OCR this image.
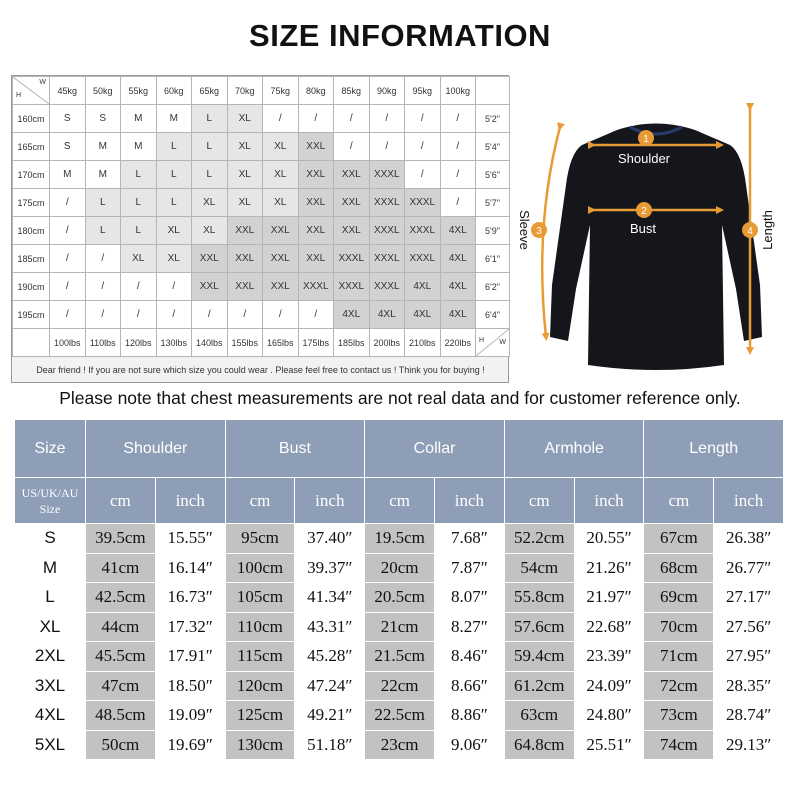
SIZE INFORMATION
H
W	45kg	50kg	55kg	60kg	65kg	70kg	75kg	80kg	85kg	90kg	95kg	100kg	
160cm	S	S	M	M	L	XL	/	/	/	/	/	/	5'2"
165cm	S	M	M	L	L	XL	XL	XXL	/	/	/	/	5'4"
170cm	M	M	L	L	L	XL	XL	XXL	XXL	XXXL	/	/	5'6"
175cm	/	L	L	L	XL	XL	XL	XXL	XXL	XXXL	XXXL	/	5'7"
180cm	/	L	L	XL	XL	XXL	XXL	XXL	XXL	XXXL	XXXL	4XL	5'9"
185cm	/	/	XL	XL	XXL	XXL	XXL	XXL	XXXL	XXXL	XXXL	4XL	6'1"
190cm	/	/	/	/	XXL	XXL	XXL	XXXL	XXXL	XXXL	4XL	4XL	6'2"
195cm	/	/	/	/	/	/	/	/	4XL	4XL	4XL	4XL	6'4"
	100lbs	110lbs	120lbs	130lbs	140lbs	155lbs	165lbs	175lbs	185lbs	200lbs	210lbs	220lbs	H W
Dear friend ! If you are not sure which size you could wear . Please feel free to contact us ! Think you for buying !
1
Shoulder
2
Bust
3
Sleeve	4 Length
Please note that chest measurements are not real data and for customer reference only.
Size	Shoulder		Bust		Collar		Armhole		Length	
US/UK/AU Size	cm	inch	cm	inch	cm	inch	cm	inch	cm	inch
S	39.5cm	15.55″	95cm	37.40″	19.5cm	7.68″	52.2cm	20.55″	67cm	26.38″
M	41cm	16.14″	100cm	39.37″	20cm	7.87″	54cm	21.26″	68cm	26.77″
L	42.5cm	16.73″	105cm	41.34″	20.5cm	8.07″	55.8cm	21.97″	69cm	27.17″
XL	44cm	17.32″	110cm	43.31″	21cm	8.27″	57.6cm	22.68″	70cm	27.56″
2XL	45.5cm	17.91″	115cm	45.28″	21.5cm	8.46″	59.4cm	23.39″	71cm	27.95″
3XL	47cm	18.50″	120cm	47.24″	22cm	8.66″	61.2cm	24.09″	72cm	28.35″
4XL	48.5cm	19.09″	125cm	49.21″	22.5cm	8.86″	63cm	24.80″	73cm	28.74″
5XL	50cm	19.69″	130cm	51.18″	23cm	9.06″	64.8cm	25.51″	74cm	29.13″
